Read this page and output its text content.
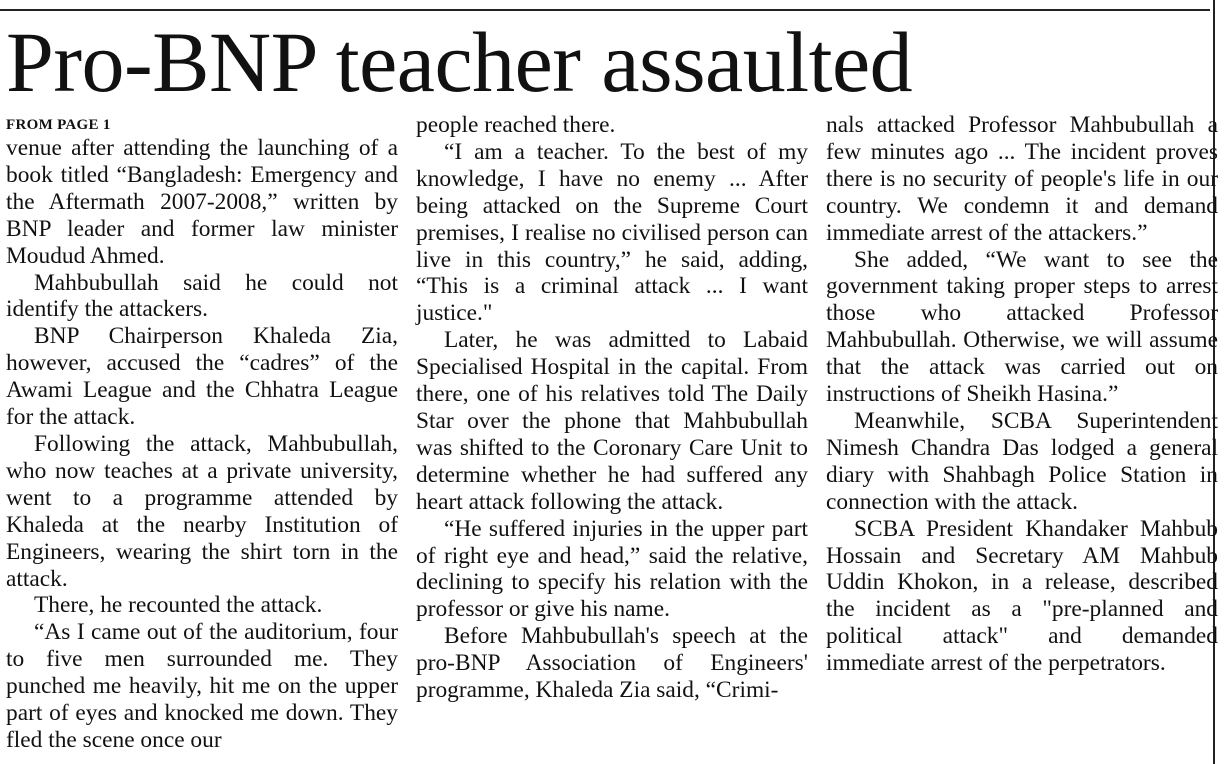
Pro-BNP teacher assaulted
FROM PAGE 1

venue after attending the launching of a book titled “Bangladesh: Emergency and the Aftermath 2007-2008,” written by BNP leader and former law minister Moudud Ahmed.

Mahbubullah said he could not identify the attackers.

BNP Chairperson Khaleda Zia, however, accused the “cadres” of the Awami League and the Chhatra League for the attack.

Following the attack, Mahbubullah, who now teaches at a private university, went to a programme attended by Khaleda at the nearby Institution of Engineers, wearing the shirt torn in the attack.

There, he recounted the attack.

“As I came out of the auditorium, four to five men surrounded me. They punched me heavily, hit me on the upper part of eyes and knocked me down. They fled the scene once our

people reached there.

“I am a teacher. To the best of my knowledge, I have no enemy ... After being attacked on the Supreme Court premises, I realise no civilised person can live in this country,” he said, adding, “This is a criminal attack ... I want justice."

Later, he was admitted to Labaid Specialised Hospital in the capital. From there, one of his relatives told The Daily Star over the phone that Mahbubullah was shifted to the Coronary Care Unit to determine whether he had suffered any heart attack following the attack.

“He suffered injuries in the upper part of right eye and head,” said the relative, declining to specify his relation with the professor or give his name.

Before Mahbubullah's speech at the pro-BNP Association of Engineers' programme, Khaleda Zia said, “Crimi-

nals attacked Professor Mahbubullah a few minutes ago ... The incident proves there is no security of people's life in our country. We condemn it and demand immediate arrest of the attackers.”

She added, “We want to see the government taking proper steps to arrest those who attacked Professor Mahbubullah. Otherwise, we will assume that the attack was carried out on instructions of Sheikh Hasina.”

Meanwhile, SCBA Superintendent Nimesh Chandra Das lodged a general diary with Shahbagh Police Station in connection with the attack.

SCBA President Khandaker Mahbub Hossain and Secretary AM Mahbub Uddin Khokon, in a release, described the incident as a "pre-planned and political attack" and demanded immediate arrest of the perpetrators.
